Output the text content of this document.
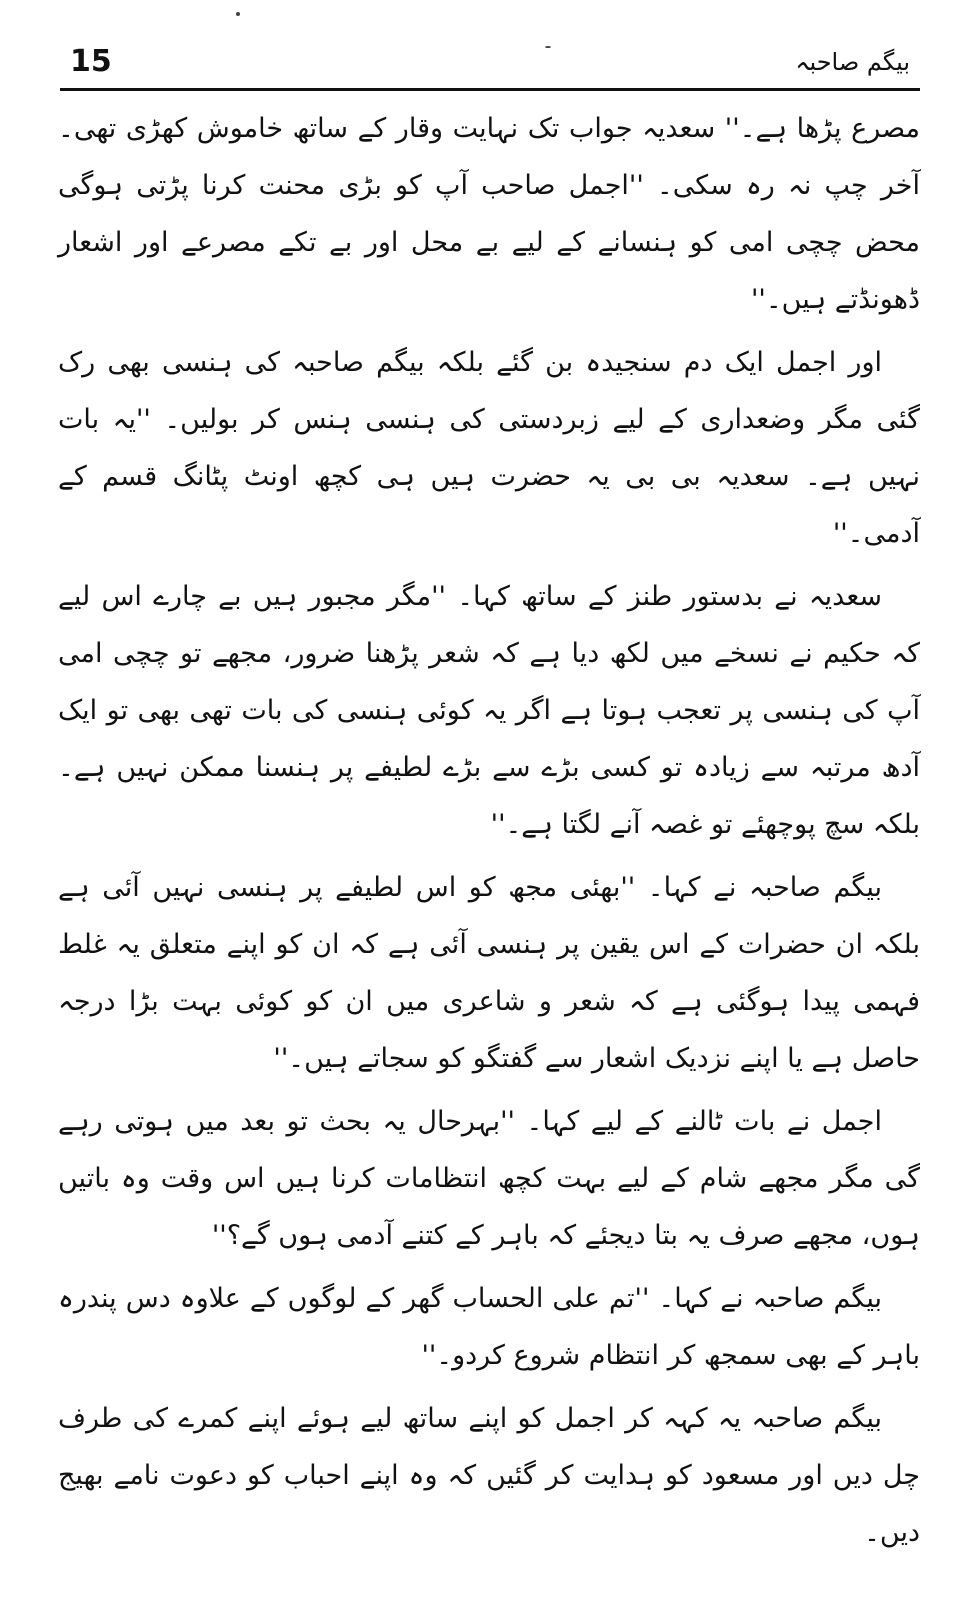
15	بیگم صاحبہ

مصرع پڑھا ہے۔'' سعدیہ جواب تک نہایت وقار کے ساتھ خاموش کھڑی تھی۔ آخر چپ نہ رہ سکی۔ ''اجمل صاحب آپ کو بڑی محنت کرنا پڑتی ہوگی محض چچی امی کو ہنسانے کے لیے بے محل اور بے تکے مصرعے اور اشعار ڈھونڈتے ہیں۔''

اور اجمل ایک دم سنجیدہ بن گئے بلکہ بیگم صاحبہ کی ہنسی بھی رک گئی مگر وضعداری کے لیے زبردستی کی ہنسی ہنس کر بولیں۔ ''یہ بات نہیں ہے۔ سعدیہ بی بی یہ حضرت ہیں ہی کچھ اونٹ پٹانگ قسم کے آدمی۔''

سعدیہ نے بدستور طنز کے ساتھ کہا۔ ''مگر مجبور ہیں بے چارے اس لیے کہ حکیم نے نسخے میں لکھ دیا ہے کہ شعر پڑھنا ضرور، مجھے تو چچی امی آپ کی ہنسی پر تعجب ہوتا ہے اگر یہ کوئی ہنسی کی بات تھی بھی تو ایک آدھ مرتبہ سے زیادہ تو کسی بڑے سے بڑے لطیفے پر ہنسنا ممکن نہیں ہے۔ بلکہ سچ پوچھئے تو غصہ آنے لگتا ہے۔''

بیگم صاحبہ نے کہا۔ ''بھئی مجھ کو اس لطیفے پر ہنسی نہیں آئی ہے بلکہ ان حضرات کے اس یقین پر ہنسی آئی ہے کہ ان کو اپنے متعلق یہ غلط فہمی پیدا ہوگئی ہے کہ شعر و شاعری میں ان کو کوئی بہت بڑا درجہ حاصل ہے یا اپنے نزدیک اشعار سے گفتگو کو سجاتے ہیں۔''

اجمل نے بات ٹالنے کے لیے کہا۔ ''بہرحال یہ بحث تو بعد میں ہوتی رہے گی مگر مجھے شام کے لیے بہت کچھ انتظامات کرنا ہیں اس وقت وہ باتیں ہوں، مجھے صرف یہ بتا دیجئے کہ باہر کے کتنے آدمی ہوں گے؟''

بیگم صاحبہ نے کہا۔ ''تم علی الحساب گھر کے لوگوں کے علاوہ دس پندرہ باہر کے بھی سمجھ کر انتظام شروع کردو۔''

بیگم صاحبہ یہ کہہ کر اجمل کو اپنے ساتھ لیے ہوئے اپنے کمرے کی طرف چل دیں اور مسعود کو ہدایت کر گئیں کہ وہ اپنے احباب کو دعوت نامے بھیج دیں۔
